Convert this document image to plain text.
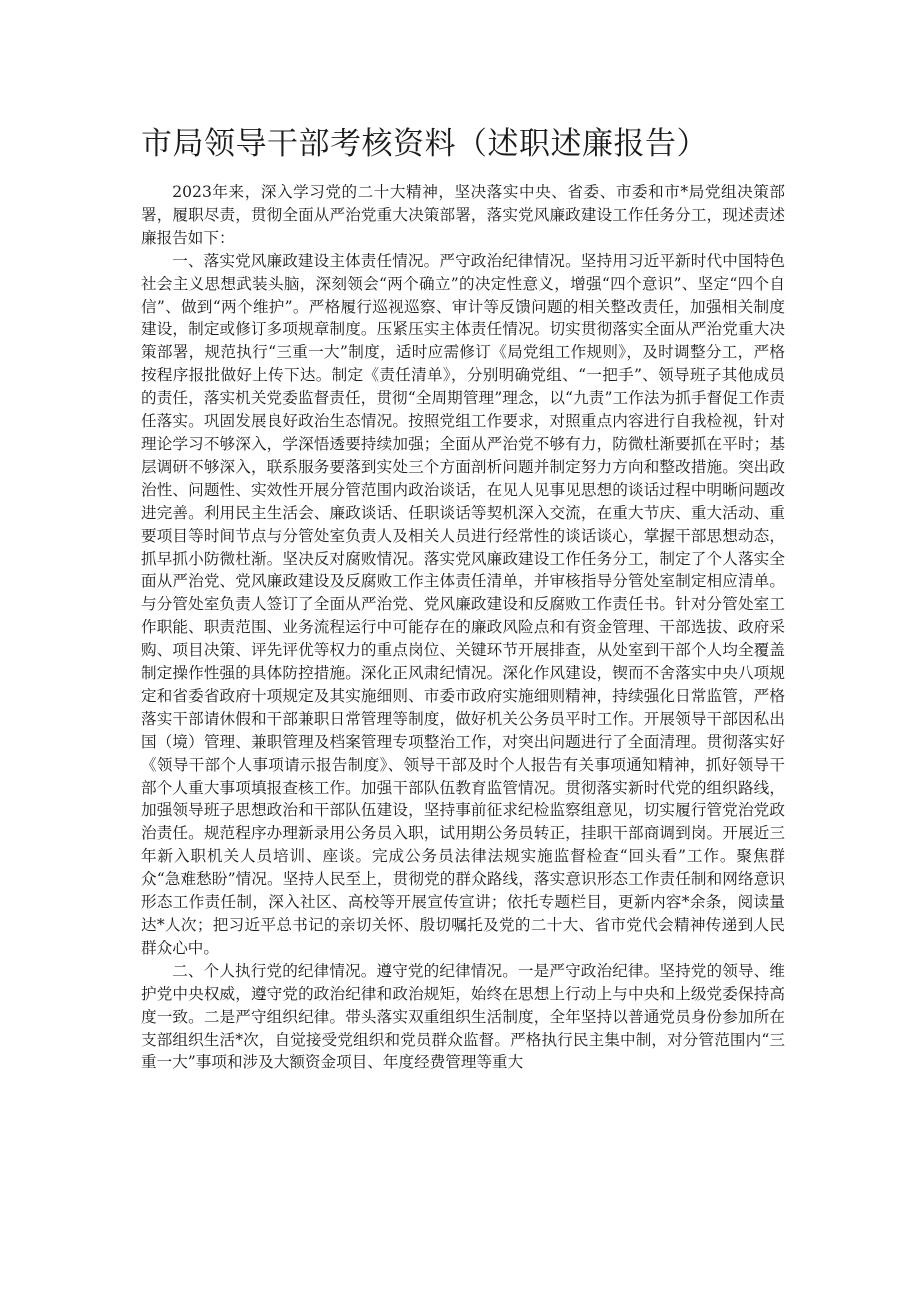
市局领导干部考核资料（述职述廉报告）

2023年来，深入学习党的二十大精神，坚决落实中央、省委、市委和市*局党组决策部署，履职尽责，贯彻全面从严治党重大决策部署，落实党风廉政建设工作任务分工，现述责述廉报告如下：

一、落实党风廉政建设主体责任情况。严守政治纪律情况。坚持用习近平新时代中国特色社会主义思想武装头脑，深刻领会“两个确立”的决定性意义，增强“四个意识”、坚定“四个自信”、做到“两个维护”。严格履行巡视巡察、审计等反馈问题的相关整改责任，加强相关制度建设，制定或修订多项规章制度。压紧压实主体责任情况。切实贯彻落实全面从严治党重大决策部署，规范执行“三重一大”制度，适时应需修订《局党组工作规则》，及时调整分工，严格按程序报批做好上传下达。制定《责任清单》，分别明确党组、“一把手”、领导班子其他成员的责任，落实机关党委监督责任，贯彻“全周期管理”理念，以“九责”工作法为抓手督促工作责任落实。巩固发展良好政治生态情况。按照党组工作要求，对照重点内容进行自我检视，针对理论学习不够深入，学深悟透要持续加强；全面从严治党不够有力，防微杜渐要抓在平时；基层调研不够深入，联系服务要落到实处三个方面剖析问题并制定努力方向和整改措施。突出政治性、问题性、实效性开展分管范围内政治谈话，在见人见事见思想的谈话过程中明晰问题改进完善。利用民主生活会、廉政谈话、任职谈话等契机深入交流，在重大节庆、重大活动、重要项目等时间节点与分管处室负责人及相关人员进行经常性的谈话谈心，掌握干部思想动态，抓早抓小防微杜渐。坚决反对腐败情况。落实党风廉政建设工作任务分工，制定了个人落实全面从严治党、党风廉政建设及反腐败工作主体责任清单，并审核指导分管处室制定相应清单。与分管处室负责人签订了全面从严治党、党风廉政建设和反腐败工作责任书。针对分管处室工作职能、职责范围、业务流程运行中可能存在的廉政风险点和有资金管理、干部选拔、政府采购、项目决策、评先评优等权力的重点岗位、关键环节开展排查，从处室到干部个人均全覆盖制定操作性强的具体防控措施。深化正风肃纪情况。深化作风建设，锲而不舍落实中央八项规定和省委省政府十项规定及其实施细则、市委市政府实施细则精神，持续强化日常监管，严格落实干部请休假和干部兼职日常管理等制度，做好机关公务员平时工作。开展领导干部因私出国（境）管理、兼职管理及档案管理专项整治工作，对突出问题进行了全面清理。贯彻落实好《领导干部个人事项请示报告制度》、领导干部及时个人报告有关事项通知精神，抓好领导干部个人重大事项填报查核工作。加强干部队伍教育监管情况。贯彻落实新时代党的组织路线，加强领导班子思想政治和干部队伍建设，坚持事前征求纪检监察组意见，切实履行管党治党政治责任。规范程序办理新录用公务员入职，试用期公务员转正，挂职干部商调到岗。开展近三年新入职机关人员培训、座谈。完成公务员法律法规实施监督检查“回头看”工作。聚焦群众“急难愁盼”情况。坚持人民至上，贯彻党的群众路线，落实意识形态工作责任制和网络意识形态工作责任制，深入社区、高校等开展宣传宣讲；依托专题栏目，更新内容*余条，阅读量达*人次；把习近平总书记的亲切关怀、殷切嘱托及党的二十大、省市党代会精神传递到人民群众心中。

二、个人执行党的纪律情况。遵守党的纪律情况。一是严守政治纪律。坚持党的领导、维护党中央权威，遵守党的政治纪律和政治规矩，始终在思想上行动上与中央和上级党委保持高度一致。二是严守组织纪律。带头落实双重组织生活制度，全年坚持以普通党员身份参加所在支部组织生活*次，自觉接受党组织和党员群众监督。严格执行民主集中制，对分管范围内“三重一大”事项和涉及大额资金项目、年度经费管理等重大
